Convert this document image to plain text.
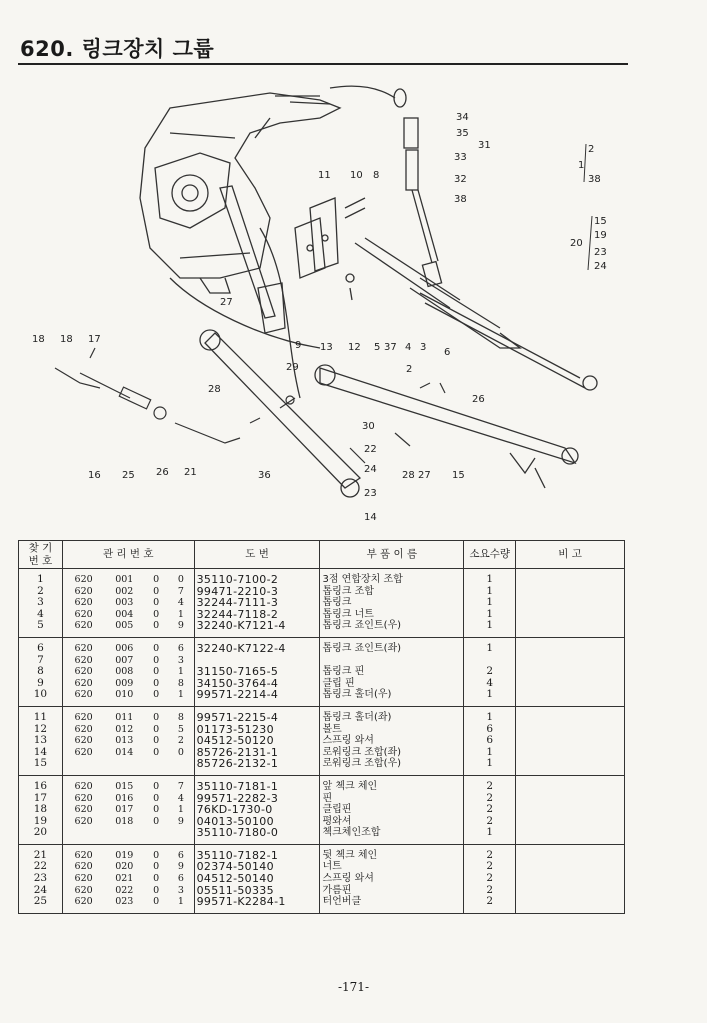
620. 링크장치 그룹
34
35
33
31
32
38
11 10 8
27
9 13 12 5 37 4 3 6
2
18 18 17
28
29
30
26
22
24
23
14
16 25 26 21	36	28 27 15
1
2
38
20
15
19
23
24
찾 기
번 호	관 리 번 호				도 번	부 품 이 름	소요수량	비 고
1	620	001	0	0	35110-7100-2	3점 연합장치 조합	1	
2	620	002	0	7	99471-2210-3	톱링크 조합	1	
3	620	003	0	4	32244-7111-3	톱링크	1	
4	620	004	0	1	32244-7118-2	톱링크 너트	1	
5	620	005	0	9	32240-K7121-4	톱링크 죠인트(우)	1	
6	620	006	0	6	32240-K7122-4	톱링크 죠인트(좌)	1	
7	620	007	0	3				
8	620	008	0	1	31150-7165-5	톱링크 핀	2	
9	620	009	0	8	34150-3764-4	클립 핀	4	
10	620	010	0	1	99571-2214-4	톱링크 홀더(우)	1	
11	620	011	0	8	99571-2215-4	톱링크 홀더(좌)	1	
12	620	012	0	5	01173-51230	볼트	6	
13	620	013	0	2	04512-50120	스프링 와셔	6	
14	620	014	0	0	85726-2131-1	로워링크 조합(좌)	1	
15					85726-2132-1	로워링크 조합(우)	1	
16	620	015	0	7	35110-7181-1	앞 첵크 체인	2	
17	620	016	0	4	99571-2282-3	핀	2	
18	620	017	0	1	76KD-1730-0	클립핀	2	
19	620	018	0	9	04013-50100	평와셔	2	
20					35110-7180-0	첵크체인조합	1	
21	620	019	0	6	35110-7182-1	뒷 첵크 체인	2	
22	620	020	0	9	02374-50140	너트	2	
23	620	021	0	6	04512-50140	스프링 와셔	2	
24	620	022	0	3	05511-50335	가름핀	2	
25	620	023	0	1	99571-K2284-1	터언버클	2	
-171-
